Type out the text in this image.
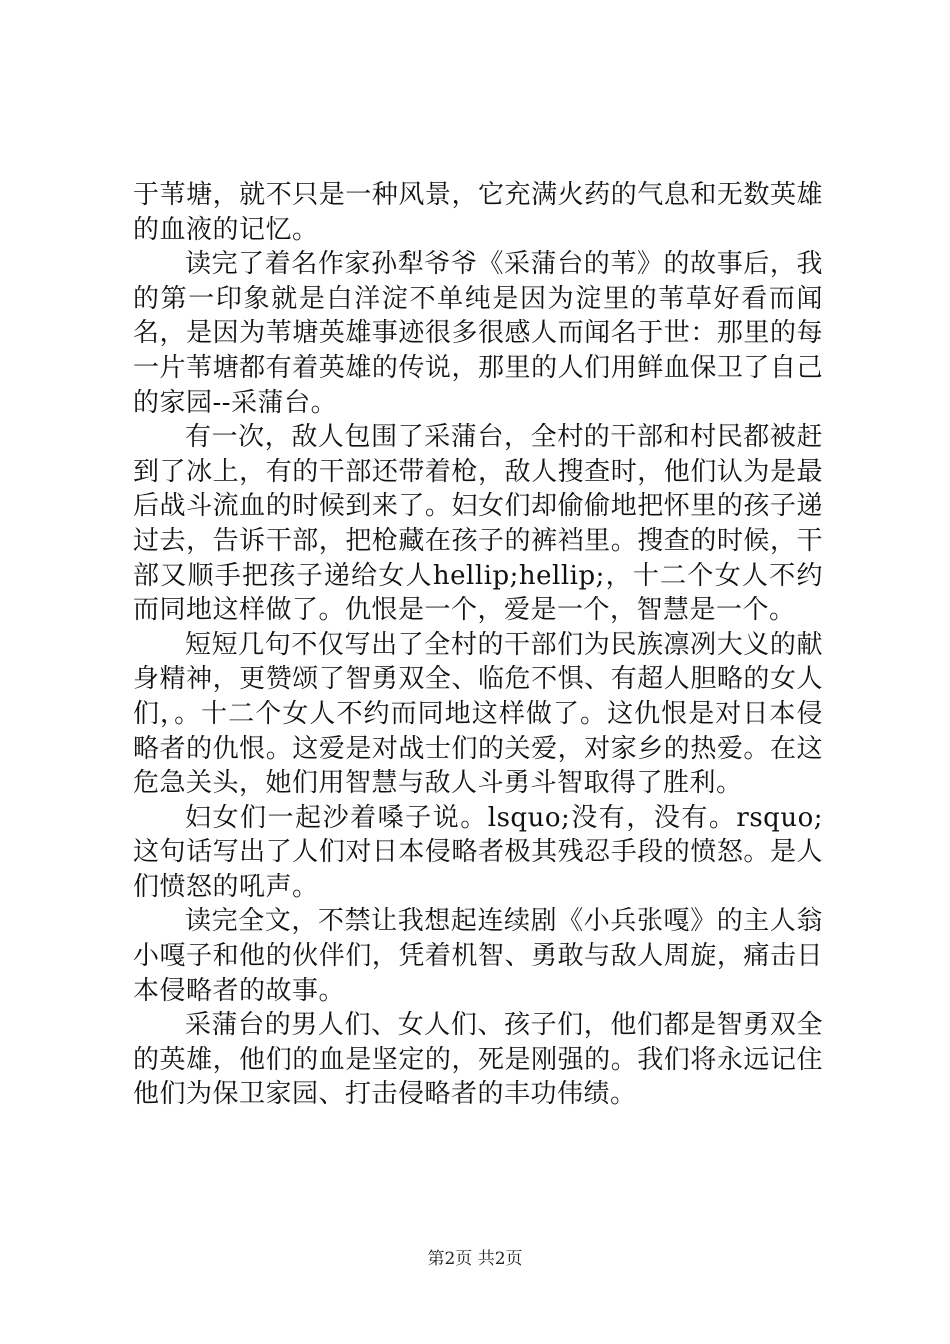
于苇塘，就不只是一种风景，它充满火药的气息和无数英雄的血液的记忆。

读完了着名作家孙犁爷爷《采蒲台的苇》的故事后，我的第一印象就是白洋淀不单纯是因为淀里的苇草好看而闻名，是因为苇塘英雄事迹很多很感人而闻名于世：那里的每一片苇塘都有着英雄的传说，那里的人们用鲜血保卫了自己的家园--采蒲台。

有一次，敌人包围了采蒲台，全村的干部和村民都被赶到了冰上，有的干部还带着枪，敌人搜查时，他们认为是最后战斗流血的时候到来了。妇女们却偷偷地把怀里的孩子递过去，告诉干部，把枪藏在孩子的裤裆里。搜查的时候，干部又顺手把孩子递给女人hellip;hellip;，十二个女人不约而同地这样做了。仇恨是一个，爱是一个，智慧是一个。

短短几句不仅写出了全村的干部们为民族凛冽大义的献身精神，更赞颂了智勇双全、临危不惧、有超人胆略的女人们，。十二个女人不约而同地这样做了。这仇恨是对日本侵略者的仇恨。这爱是对战士们的关爱，对家乡的热爱。在这危急关头，她们用智慧与敌人斗勇斗智取得了胜利。

妇女们一起沙着嗓子说。lsquo;没有，没有。rsquo;这句话写出了人们对日本侵略者极其残忍手段的愤怒。是人们愤怒的吼声。

读完全文，不禁让我想起连续剧《小兵张嘎》的主人翁小嘎子和他的伙伴们，凭着机智、勇敢与敌人周旋，痛击日本侵略者的故事。

采蒲台的男人们、女人们、孩子们，他们都是智勇双全的英雄，他们的血是坚定的，死是刚强的。我们将永远记住他们为保卫家园、打击侵略者的丰功伟绩。

第2页 共2页
